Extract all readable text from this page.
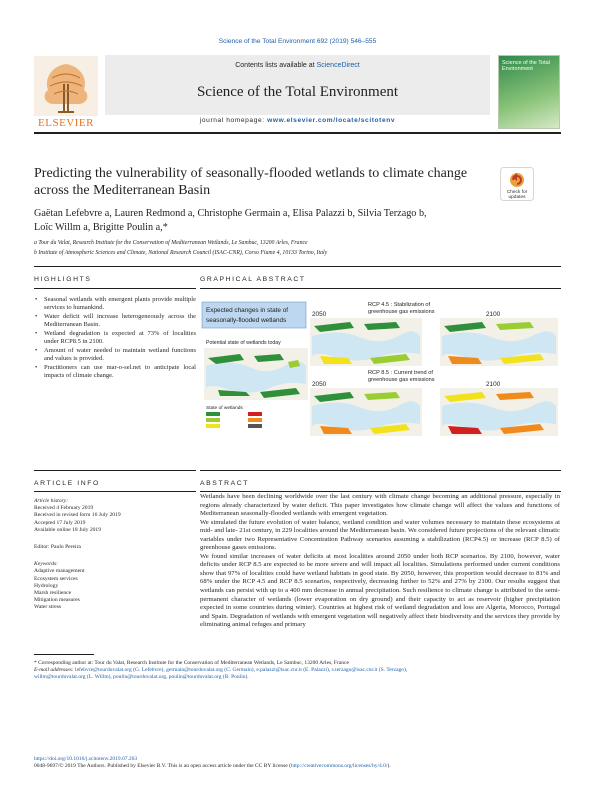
Science of the Total Environment 692 (2019) 546–555
Contents lists available at ScienceDirect
Science of the Total Environment
journal homepage: www.elsevier.com/locate/scitotenv
ELSEVIER
Science of the Total Environment
Predicting the vulnerability of seasonally-flooded wetlands to climate change across the Mediterranean Basin	Check for
updates
Gaëtan Lefebvre a, Lauren Redmond a, Christophe Germain a, Elisa Palazzi b, Silvia Terzago b,
Loïc Willm a, Brigitte Poulin a,*
a Tour du Valat, Research Institute for the Conservation of Mediterranean Wetlands, Le Sambuc, 13200 Arles, France
b Institute of Atmospheric Sciences and Climate, National Research Council (ISAC-CNR), Corso Fiume 4, 10133 Torino, Italy
HIGHLIGHTS	GRAPHICAL ABSTRACT
• Seasonal wetlands with emergent plants provide multiple services to humankind.
• Water deficit will increase heterogeneously across the Mediterranean Basin.
• Wetland degradation is expected at 73% of localities under RCP8.5 in 2100.
• Amount of water needed to maintain wetland functions and values is provided.
• Practitioners can use mar-o-sel.net to anticipate local impacts of climate change.
Expected changes in state of
seasonally-flooded wetlands
Potential state of wetlands today
State of wetlands
RCP 4.5 : Stabilization of
greenhouse gas emissions
2050	2100
RCP 8.5 : Current trend of
greenhouse gas emissions
2050	2100
ARTICLE INFO	ABSTRACT
Article history:
Received 4 February 2019
Received in revised form 16 July 2019
Accepted 17 July 2019
Available online 18 July 2019
Editor: Paulo Pereira
Keywords:
Adaptive management
Ecosystem services
Hydrology
Marsh resilience
Mitigation measures
Water stress

Wetlands have been declining worldwide over the last century with climate change becoming an additional pressure, especially in regions already characterized by water deficit. This paper investigates how climate change will affect the values and functions of Mediterranean seasonally-flooded wetlands with emergent vegetation.

We simulated the future evolution of water balance, wetland condition and water volumes necessary to maintain these ecosystems at mid- and late- 21st century, in 229 localities around the Mediterranean basin. We considered future projections of the relevant climatic variables under two Representative Concentration Pathway scenarios assuming a stabilization (RCP4.5) or increase (RCP 8.5) of greenhouse gases emissions.

We found similar increases of water deficits at most localities around 2050 under both RCP scenarios. By 2100, however, water deficits under RCP 8.5 are expected to be more severe and will impact all localities. Simulations performed under current conditions show that 97% of localities could have wetland habitats in good state. By 2050, however, this proportion would decrease to 81% and 68% under the RCP 4.5 and RCP 8.5 scenarios, respectively, decreasing further to 52% and 27% by 2100. Our results suggest that wetlands can persist with up to a 400 mm decrease in annual precipitation. Such resilience to climate change is attributed to the semi-permanent character of wetlands (lower evaporation on dry ground) and their capacity to act as reservoir (higher precipitation expected in some countries during winter). Countries at highest risk of wetland degradation and loss are Algeria, Morocco, Portugal and Spain. Degradation of wetlands with emergent vegetation will negatively affect their biodiversity and the services they provide by eliminating animal refuges and primary

* Corresponding author at: Tour du Valat, Research Institute for the Conservation of Mediterranean Wetlands, Le Sambuc, 13200 Arles, France
E-mail addresses: lefebvre@tourduvalat.org (G. Lefebvre), germain@tourduvalat.org (C. Germain), e.palazzi@isac.cnr.it (E. Palazzi), s.terzago@isac.cnr.it (S. Terzago),
willm@tourduvalat.org (L. Willm), poulin@tourduvalat.org, poulin@tourduvalat.org (B. Poulin).
https://doi.org/10.1016/j.scitotenv.2019.07.263
0048-9697/© 2019 The Authors. Published by Elsevier B.V. This is an open access article under the CC BY license (http://creativecommons.org/licenses/by/4.0/).
